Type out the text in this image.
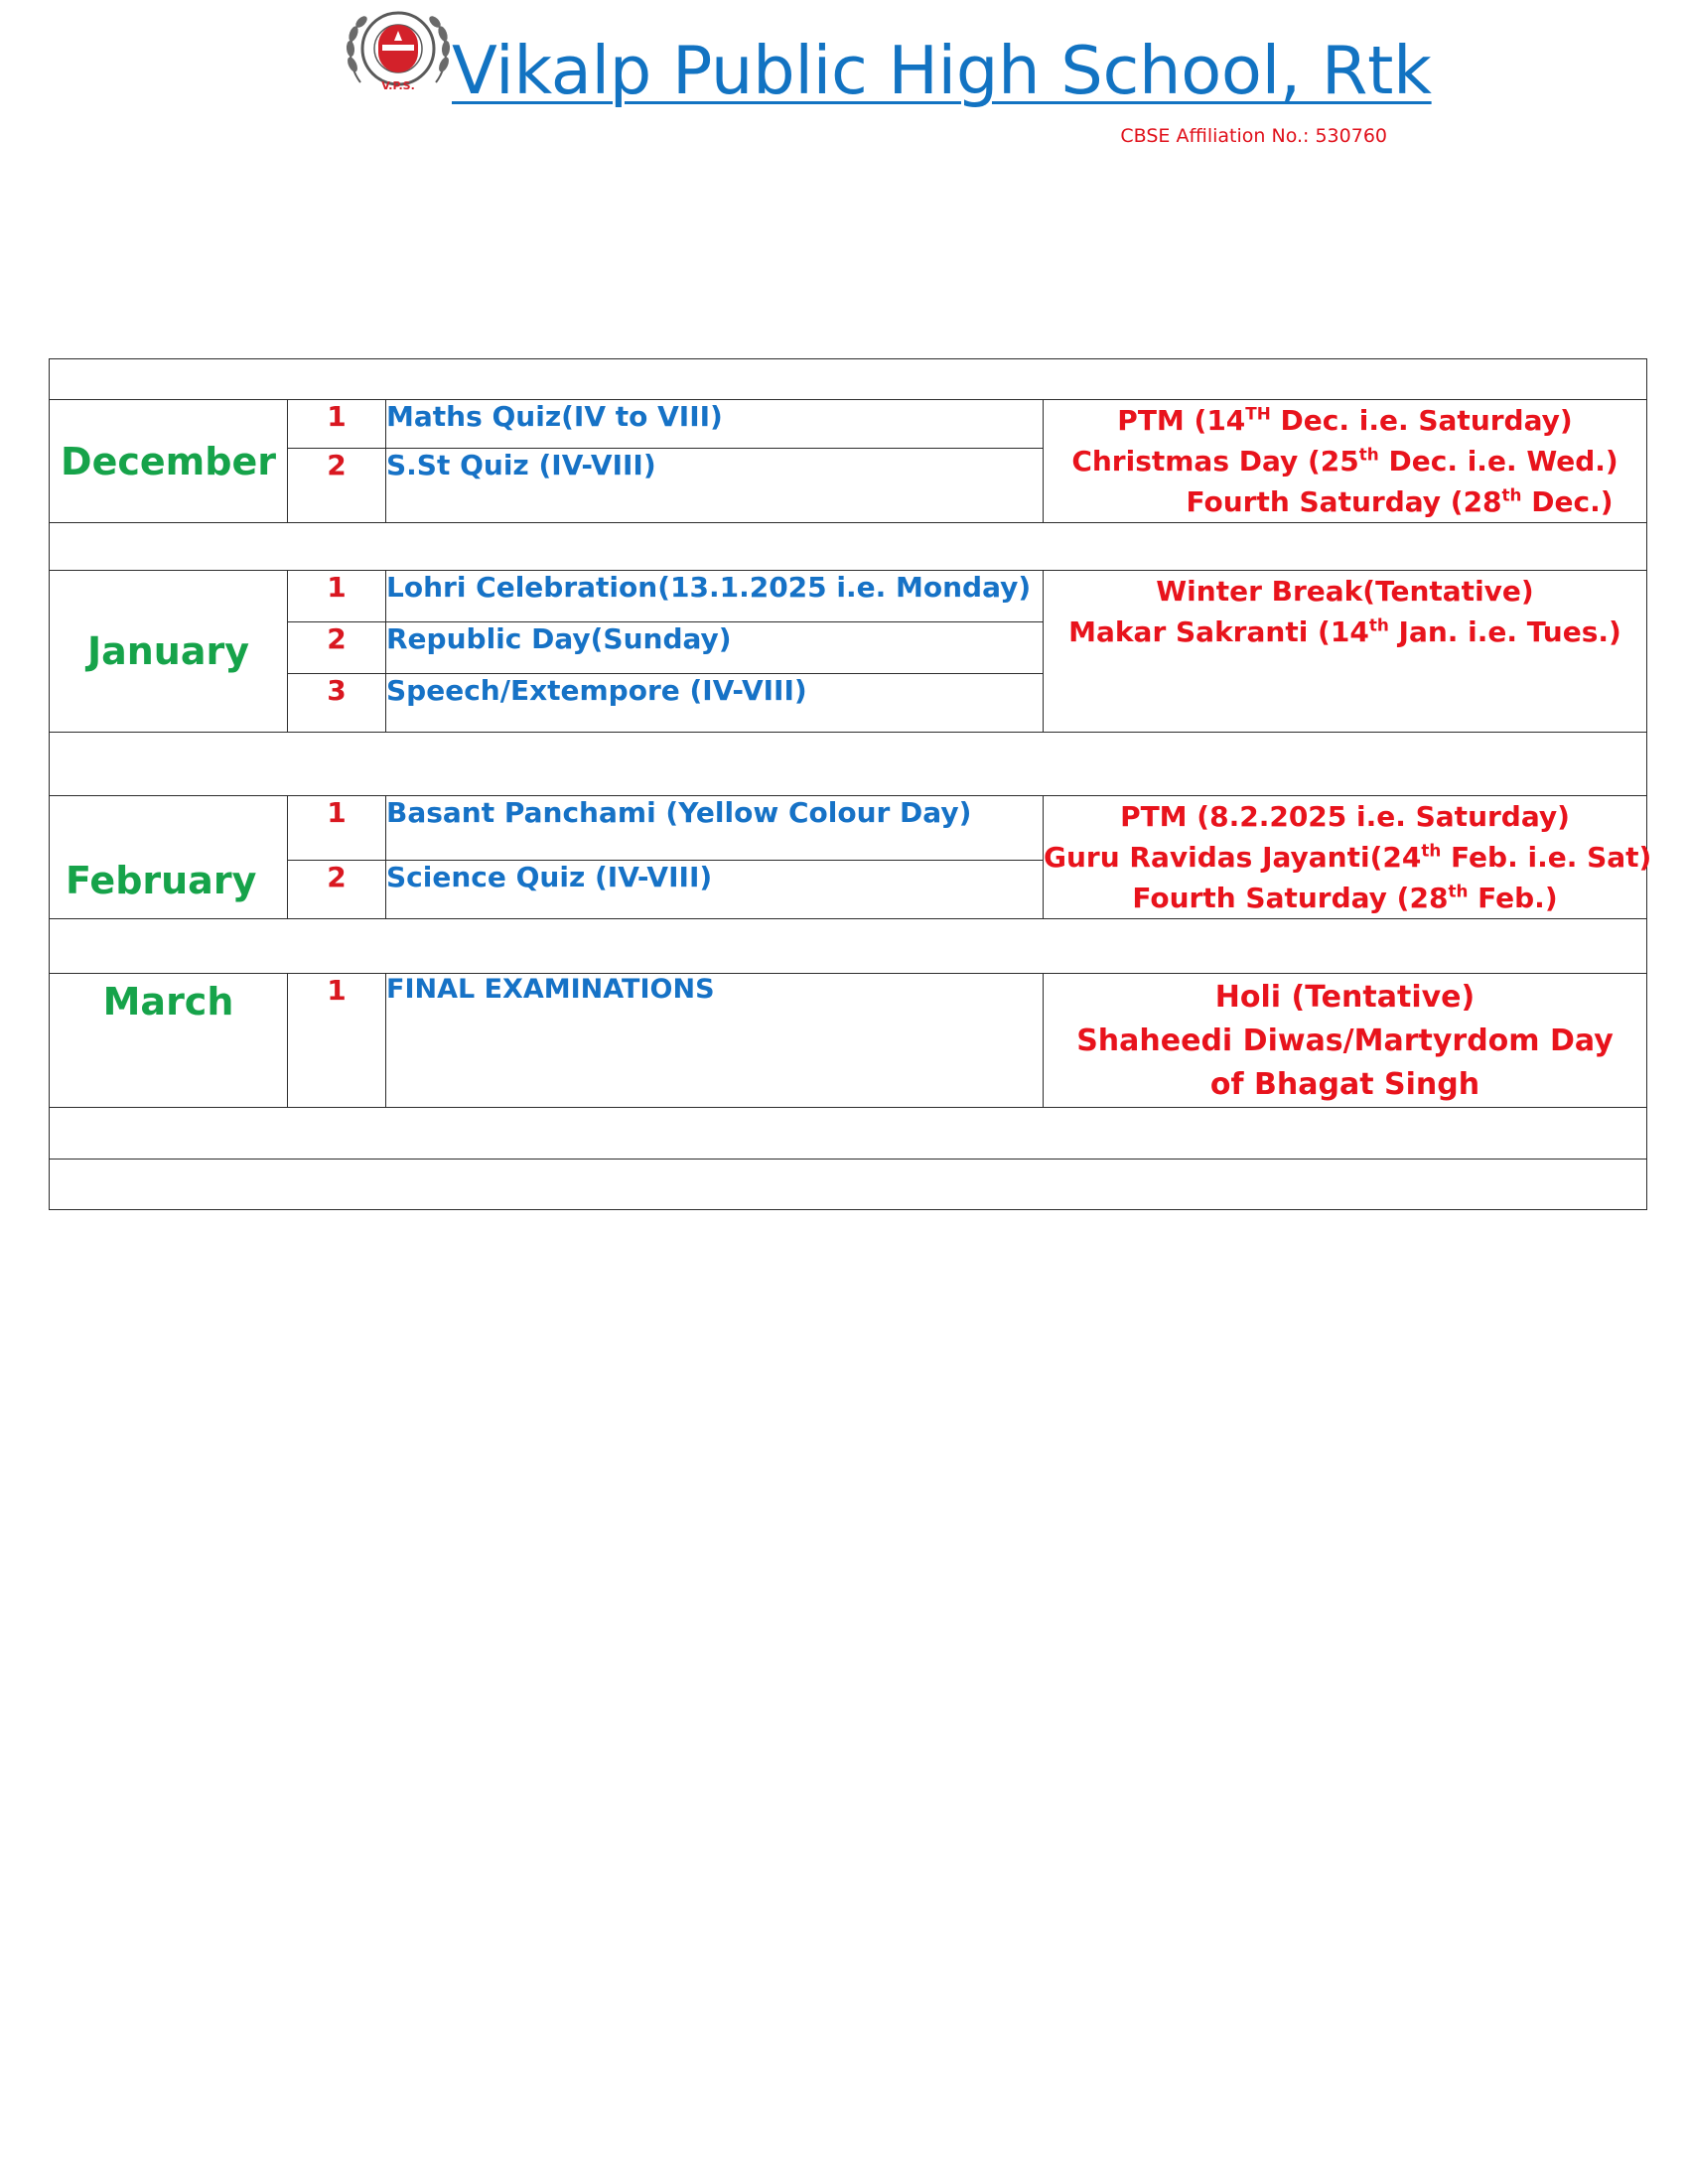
V.P.S. Vikalp Public High School, Rtk
CBSE Affiliation No.: 530760

December	1	Maths Quiz(IV to VIII)	PTM (14TH Dec. i.e. Saturday)
Christmas Day (25th Dec. i.e. Wed.)
Fourth Saturday (28th Dec.)

	2	S.St Quiz (IV-VIII)	

January	1	Lohri Celebration(13.1.2025 i.e. Monday)	Winter Break(Tentative)
Makar Sakranti (14th Jan. i.e. Tues.)

	2	Republic Day(Sunday)	
	3	Speech/Extempore (IV-VIII)	

February	1	Basant Panchami (Yellow Colour Day)	PTM (8.2.2025 i.e. Saturday)
Guru Ravidas Jayanti(24th Feb. i.e. Sat)
Fourth Saturday (28th Feb.)

	2	Science Quiz (IV-VIII)	

March	1	FINAL EXAMINATIONS	Holi (Tentative)
Shaheedi Diwas/Martyrdom Day of Bhagat Singh
